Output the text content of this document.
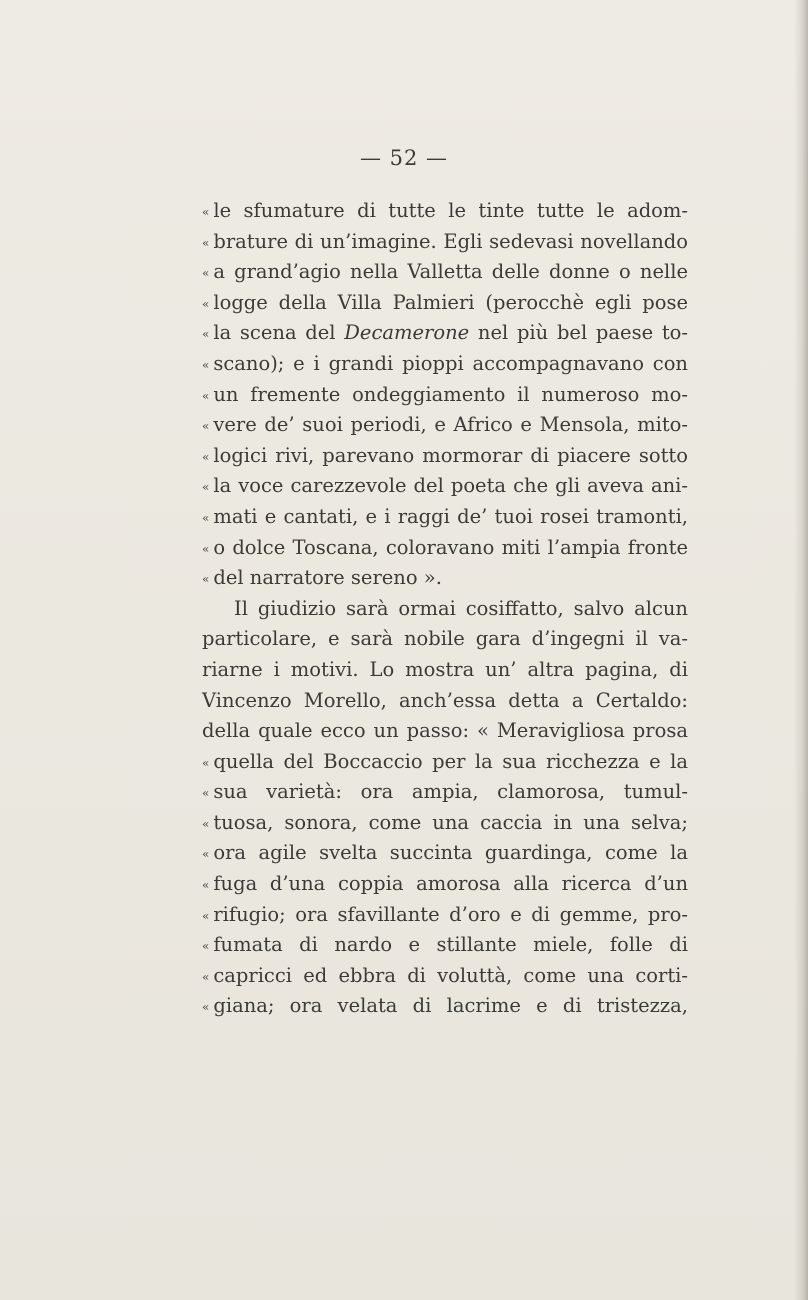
— 52 —
« le sfumature di tutte le tinte tutte le adom-
« brature di un’imagine. Egli sedevasi novellando
« a grand’agio nella Valletta delle donne o nelle
« logge della Villa Palmieri (perocchè egli pose
« la scena del Decamerone nel più bel paese to-
« scano); e i grandi pioppi accompagnavano con
« un fremente ondeggiamento il numeroso mo-
« vere de’ suoi periodi, e Africo e Mensola, mito-
« logici rivi, parevano mormorar di piacere sotto
« la voce carezzevole del poeta che gli aveva ani-
« mati e cantati, e i raggi de’ tuoi rosei tramonti,
« o dolce Toscana, coloravano miti l’ampia fronte
« del narratore sereno ».
Il giudizio sarà ormai cosiffatto, salvo alcun
particolare, e sarà nobile gara d’ingegni il va-
riarne i motivi. Lo mostra un’ altra pagina, di
Vincenzo Morello, anch’essa detta a Certaldo:
della quale ecco un passo: « Meravigliosa prosa
« quella del Boccaccio per la sua ricchezza e la
« sua varietà: ora ampia, clamorosa, tumul-
« tuosa, sonora, come una caccia in una selva;
« ora agile svelta succinta guardinga, come la
« fuga d’una coppia amorosa alla ricerca d’un
« rifugio; ora sfavillante d’oro e di gemme, pro-
« fumata di nardo e stillante miele, folle di
« capricci ed ebbra di voluttà, come una corti-
« giana; ora velata di lacrime e di tristezza,
